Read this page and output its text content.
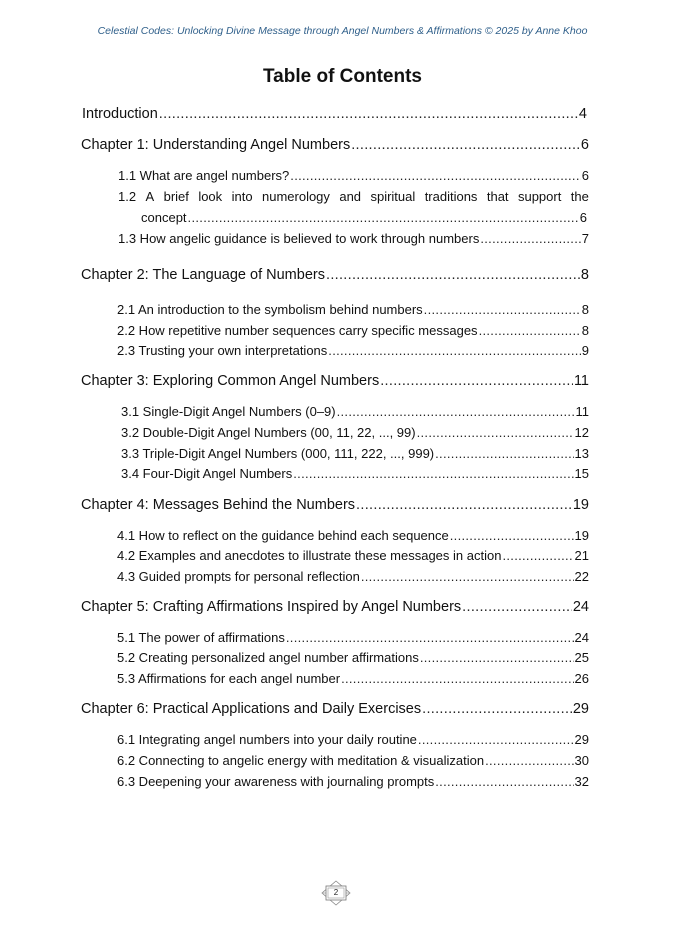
Celestial Codes: Unlocking Divine Message through Angel Numbers & Affirmations © 2025 by Anne Khoo
Table of Contents
Introduction .....	4
Chapter 1: Understanding Angel Numbers .....	6
1.1 What are angel numbers? .....	6
1.2 A brief look into numerology and spiritual traditions that support the
concept .....	6
1.3 How angelic guidance is believed to work through numbers .....	7
Chapter 2: The Language of Numbers .....	8
2.1 An introduction to the symbolism behind numbers .....	8
2.2 How repetitive number sequences carry specific messages .....	8
2.3 Trusting your own interpretations .....	9
Chapter 3: Exploring Common Angel Numbers .....	11
3.1 Single-Digit Angel Numbers (0–9) .....	11
3.2 Double-Digit Angel Numbers (00, 11, 22, ..., 99) .....	12
3.3 Triple-Digit Angel Numbers (000, 111, 222, ..., 999) .....	13
3.4 Four-Digit Angel Numbers .....	15
Chapter 4: Messages Behind the Numbers .....	19
4.1 How to reflect on the guidance behind each sequence .....	19
4.2 Examples and anecdotes to illustrate these messages in action .....	21
4.3 Guided prompts for personal reflection .....	22
Chapter 5: Crafting Affirmations Inspired by Angel Numbers .....	24
5.1 The power of affirmations .....	24
5.2 Creating personalized angel number affirmations .....	25
5.3 Affirmations for each angel number .....	26
Chapter 6: Practical Applications and Daily Exercises .....	29
6.1 Integrating angel numbers into your daily routine .....	29
6.2 Connecting to angelic energy with meditation & visualization .....	30
6.3 Deepening your awareness with journaling prompts .....	32
2
